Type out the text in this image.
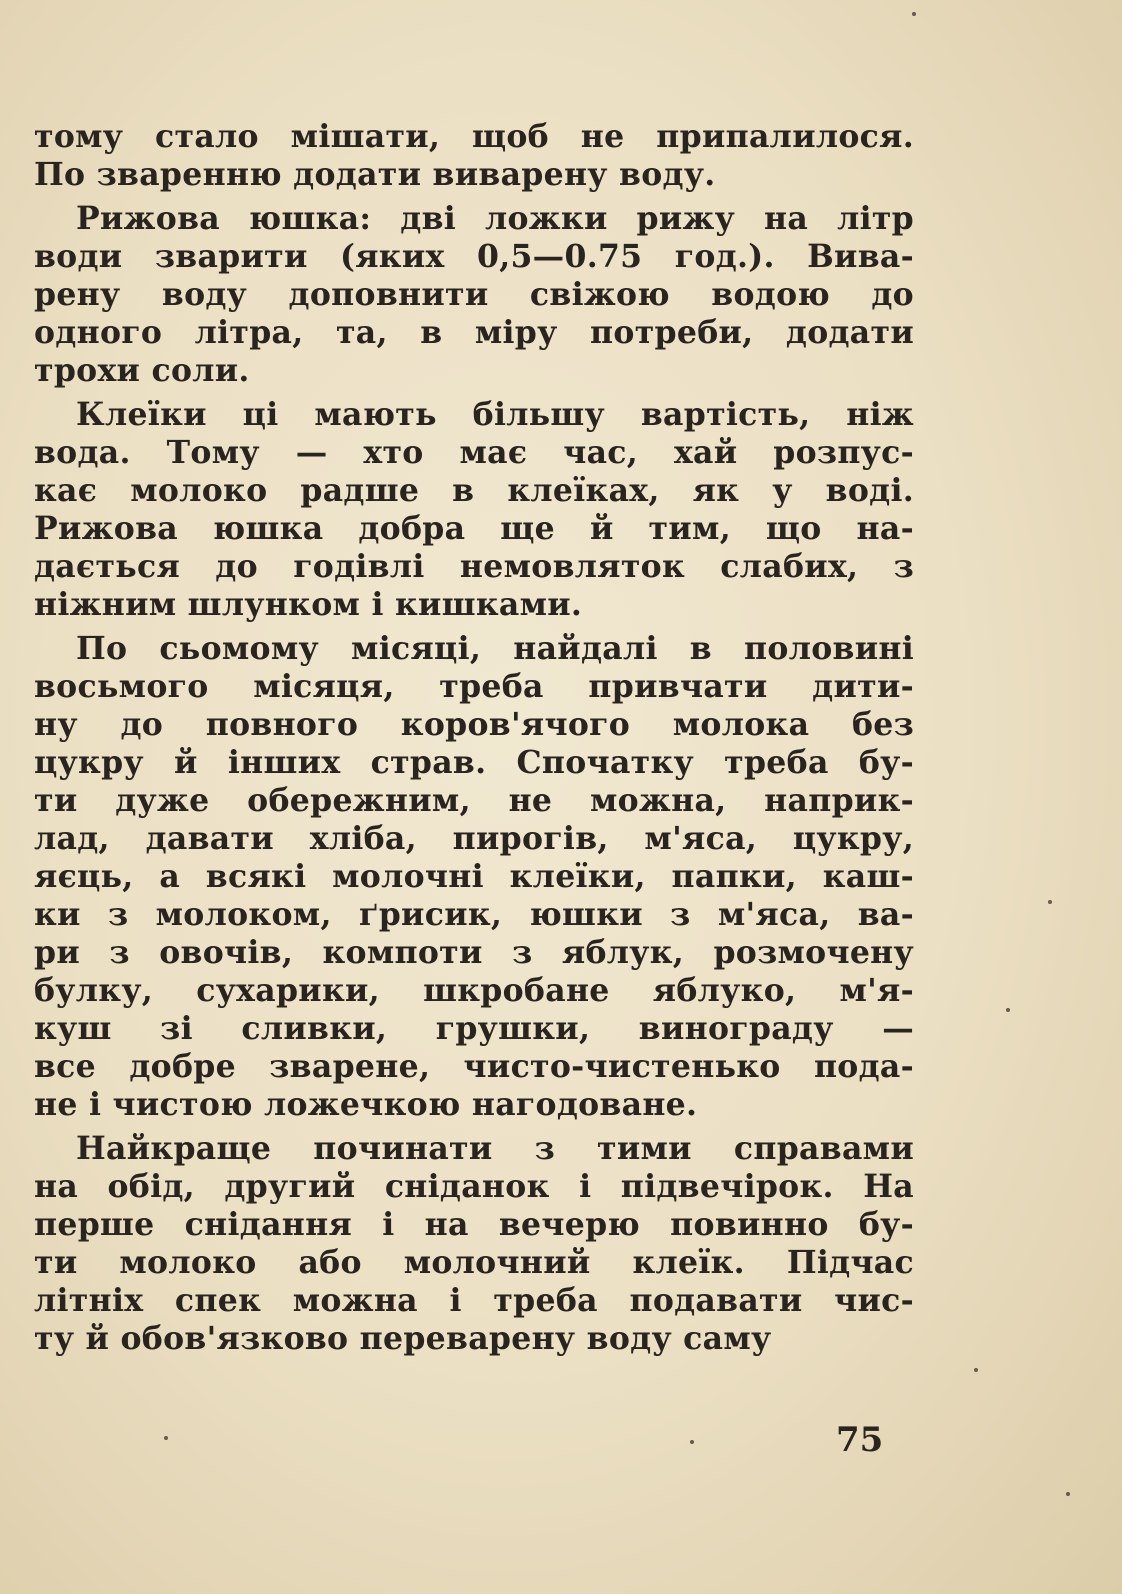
тому стало мішати, щоб не припалилося.
По зваренню додати виварену воду.
Рижова юшка: дві ложки рижу на літр
води зварити (яких 0,5—0.75 год.). Вива-
рену воду доповнити свіжою водою до
одного літра, та, в міру потреби, додати
трохи соли.
Клеїки ці мають більшу вартість, ніж
вода. Тому — хто має час, хай розпус-
кає молоко радше в клеїках, як у воді.
Рижова юшка добра ще й тим, що на-
дається до годівлі немовляток слабих, з
ніжним шлунком і кишками.
По сьомому місяці, найдалі в половині
восьмого місяця, треба привчати дити-
ну до повного коров'ячого молока без
цукру й інших страв. Спочатку треба бу-
ти дуже обережним, не можна, наприк-
лад, давати хліба, пирогів, м'яса, цукру,
яєць, а всякі молочні клеїки, папки, каш-
ки з молоком, ґрисик, юшки з м'яса, ва-
ри з овочів, компоти з яблук, розмочену
булку, сухарики, шкробане яблуко, м'я-
куш зі сливки, грушки, винограду —
все добре зварене, чисто-чистенько пода-
не і чистою ложечкою нагодоване.
Найкраще починати з тими справами
на обід, другий сніданок і підвечірок. На
перше снідання і на вечерю повинно бу-
ти молоко або молочний клеїк. Підчас
літніх спек можна і треба подавати чис-
ту й обов'язково переварену воду саму
75
